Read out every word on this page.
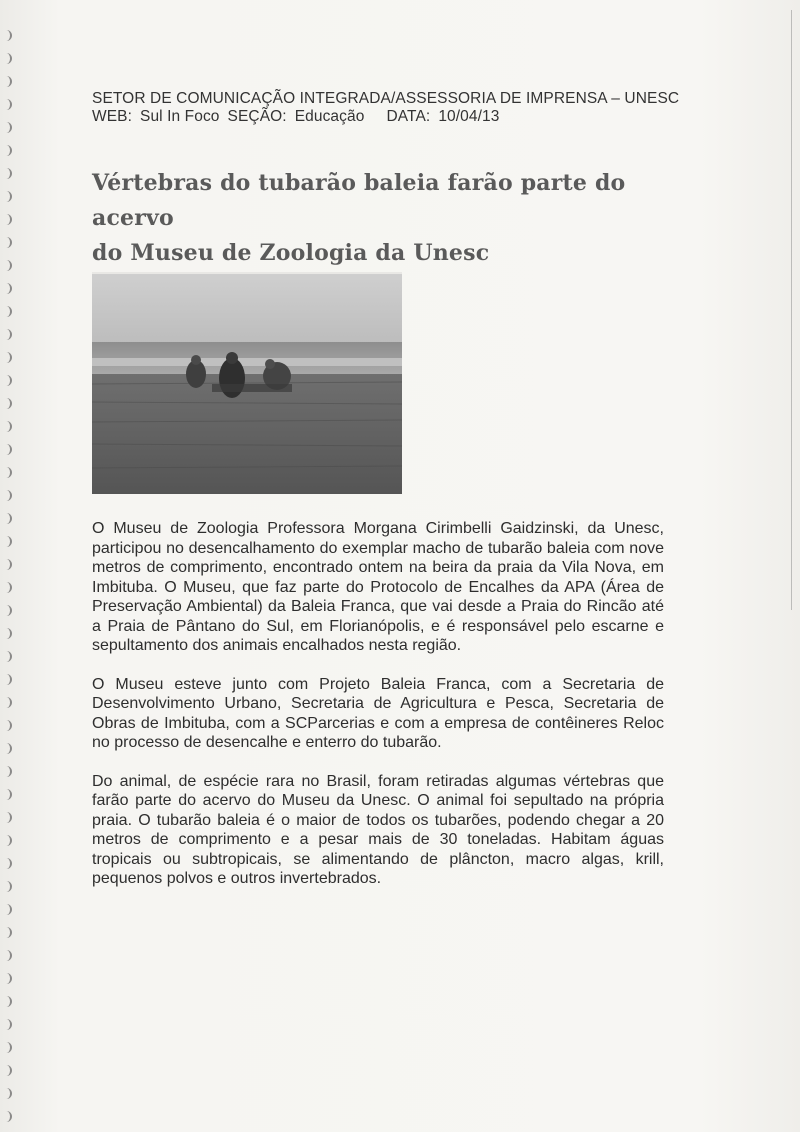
SETOR DE COMUNICAÇÃO INTEGRADA/ASSESSORIA DE IMPRENSA – UNESC
WEB: Sul In Foco SEÇÃO: Educação DATA: 10/04/13
Vértebras do tubarão baleia farão parte do acervo
do Museu de Zoologia da Unesc

O Museu de Zoologia Professora Morgana Cirimbelli Gaidzinski, da Unesc, participou no desencalhamento do exemplar macho de tubarão baleia com nove metros de comprimento, encontrado ontem na beira da praia da Vila Nova, em Imbituba. O Museu, que faz parte do Protocolo de Encalhes da APA (Área de Preservação Ambiental) da Baleia Franca, que vai desde a Praia do Rincão até a Praia de Pântano do Sul, em Florianópolis, e é responsável pelo escarne e sepultamento dos animais encalhados nesta região.

O Museu esteve junto com Projeto Baleia Franca, com a Secretaria de Desenvolvimento Urbano, Secretaria de Agricultura e Pesca, Secretaria de Obras de Imbituba, com a SCParcerias e com a empresa de contêineres Reloc no processo de desencalhe e enterro do tubarão.

Do animal, de espécie rara no Brasil, foram retiradas algumas vértebras que farão parte do acervo do Museu da Unesc. O animal foi sepultado na própria praia. O tubarão baleia é o maior de todos os tubarões, podendo chegar a 20 metros de comprimento e a pesar mais de 30 toneladas. Habitam águas tropicais ou subtropicais, se alimentando de plâncton, macro algas, krill, pequenos polvos e outros invertebrados.
